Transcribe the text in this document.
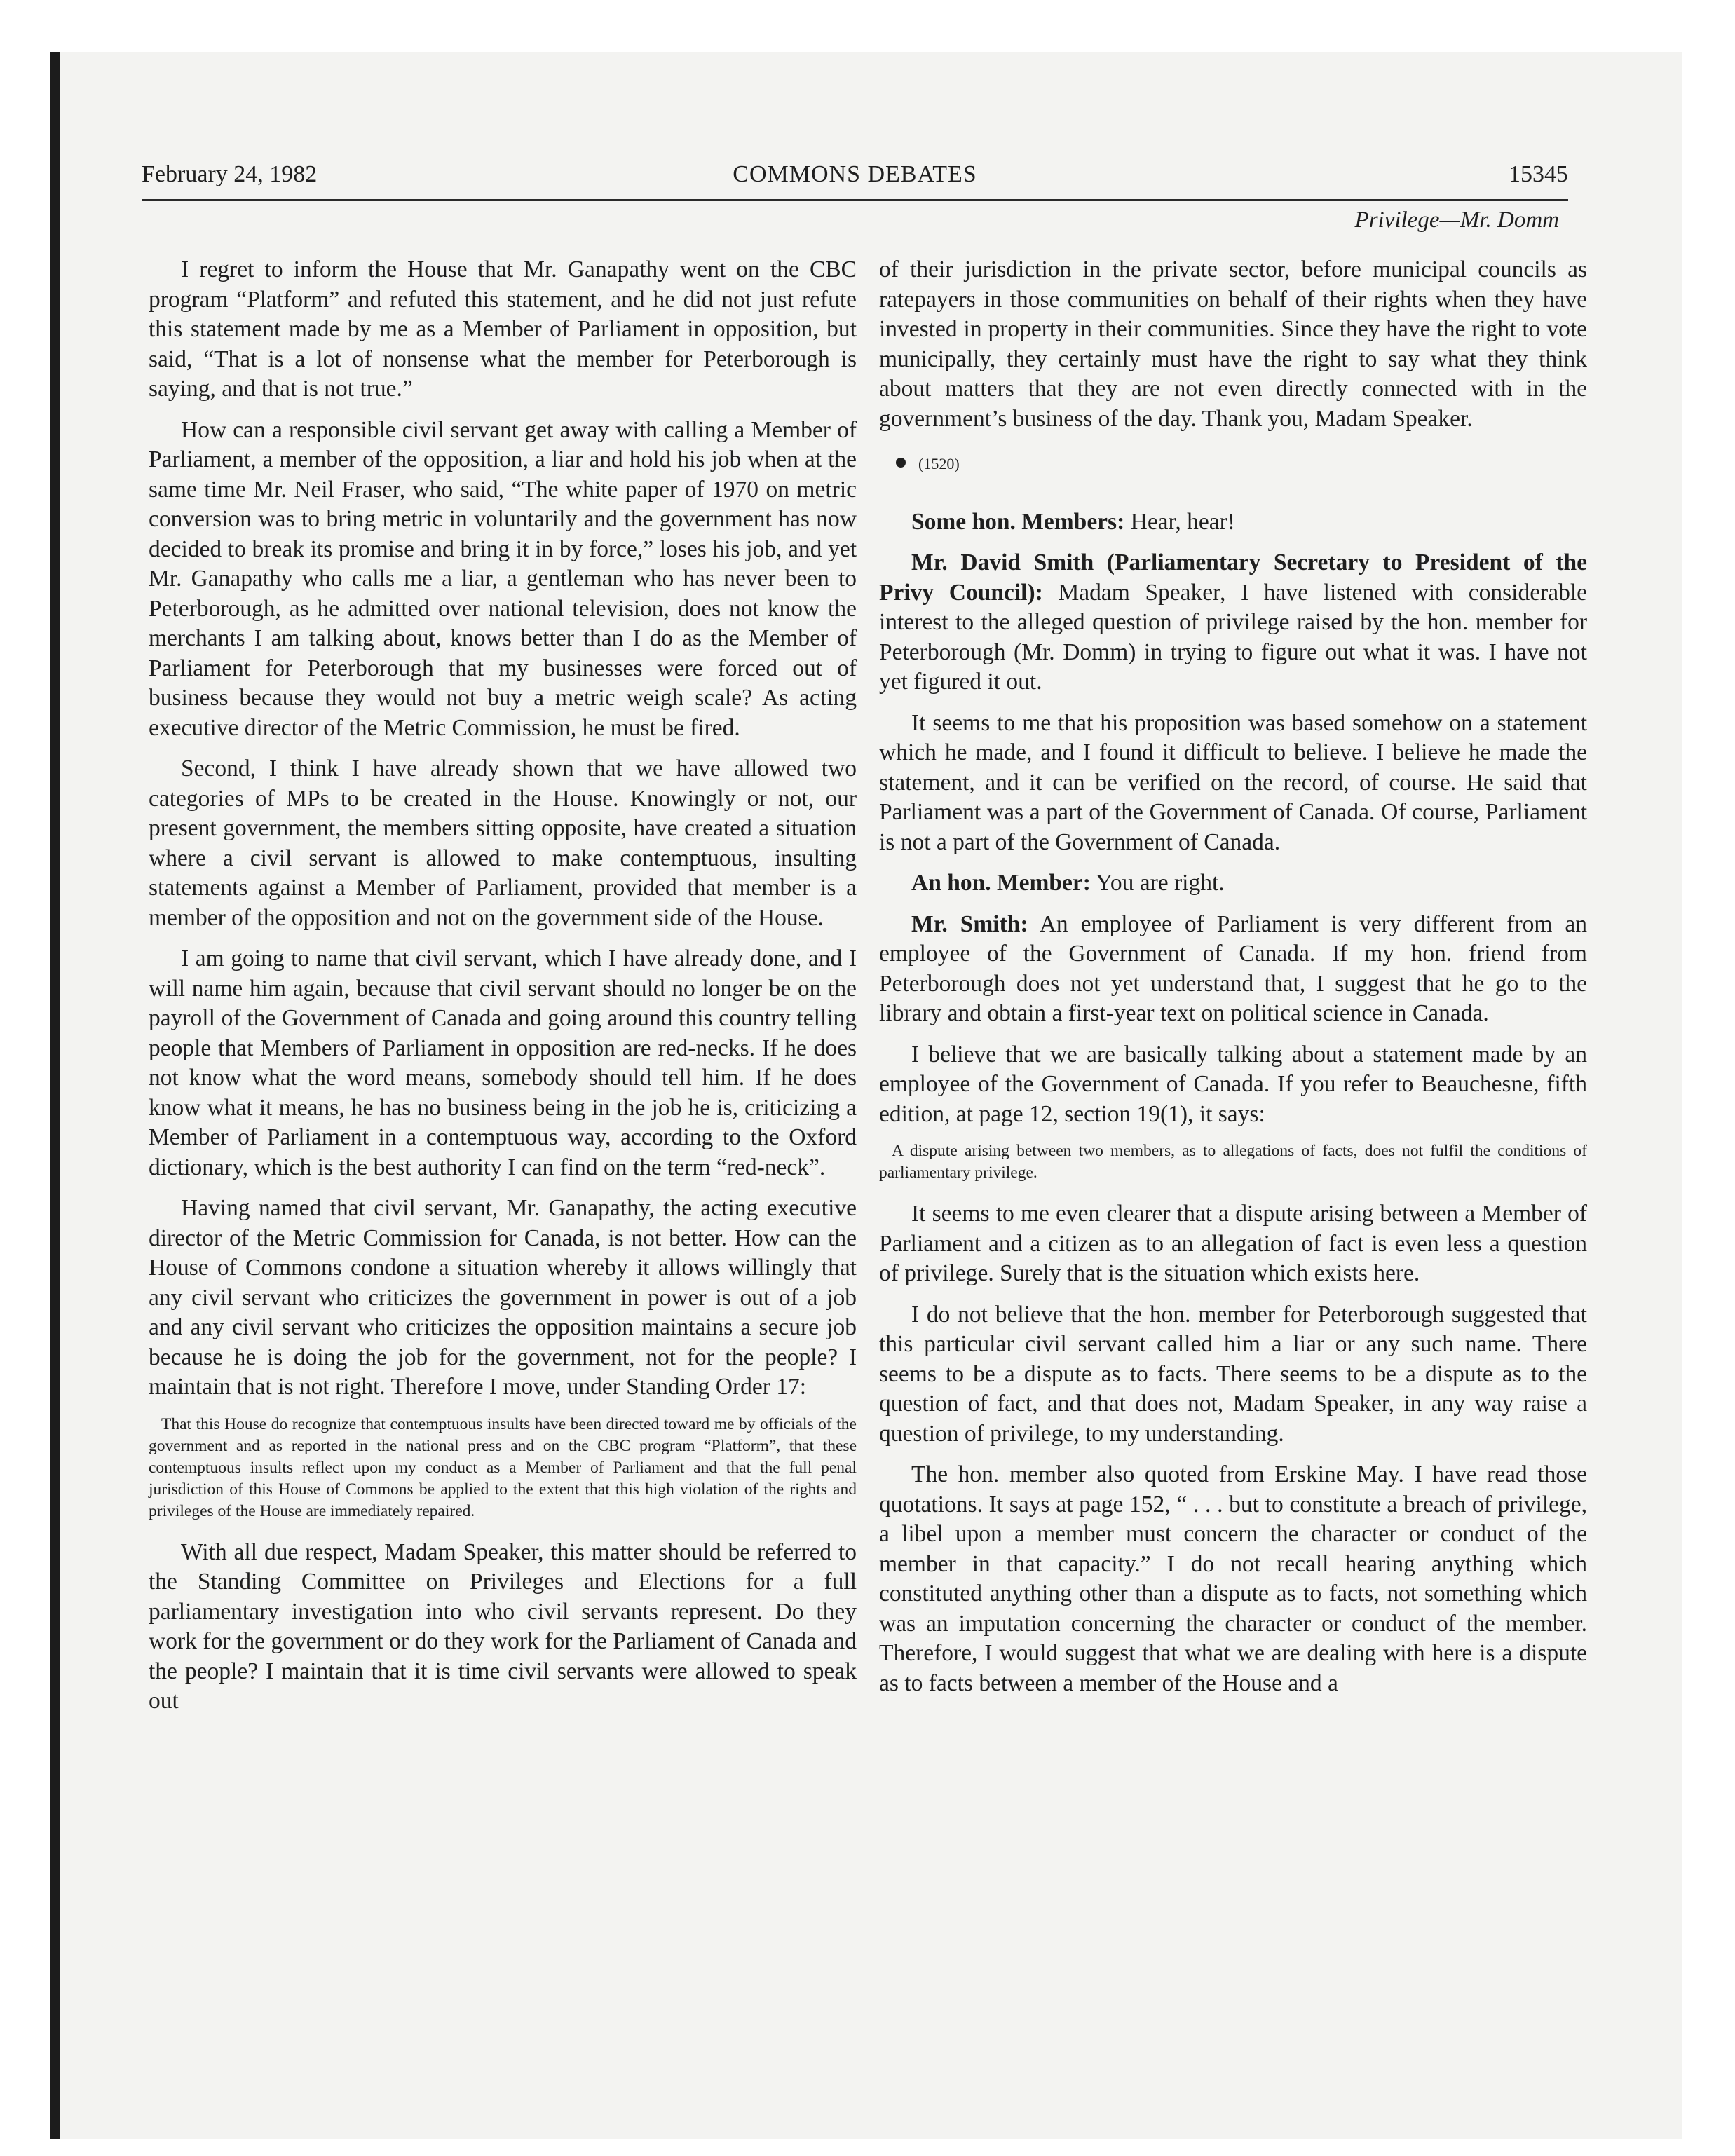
February 24, 1982	COMMONS DEBATES	15345
Privilege—Mr. Domm

I regret to inform the House that Mr. Ganapathy went on the CBC program “Platform” and refuted this statement, and he did not just refute this statement made by me as a Member of Parliament in opposition, but said, “That is a lot of nonsense what the member for Peterborough is saying, and that is not true.”

How can a responsible civil servant get away with calling a Member of Parliament, a member of the opposition, a liar and hold his job when at the same time Mr. Neil Fraser, who said, “The white paper of 1970 on metric conversion was to bring metric in voluntarily and the government has now decided to break its promise and bring it in by force,” loses his job, and yet Mr. Ganapathy who calls me a liar, a gentleman who has never been to Peterborough, as he admitted over national television, does not know the merchants I am talking about, knows better than I do as the Member of Parliament for Peterborough that my businesses were forced out of business because they would not buy a metric weigh scale? As acting executive director of the Metric Commission, he must be fired.

Second, I think I have already shown that we have allowed two categories of MPs to be created in the House. Knowingly or not, our present government, the members sitting opposite, have created a situation where a civil servant is allowed to make contemptuous, insulting statements against a Member of Parliament, provided that member is a member of the opposition and not on the government side of the House.

I am going to name that civil servant, which I have already done, and I will name him again, because that civil servant should no longer be on the payroll of the Government of Canada and going around this country telling people that Members of Parliament in opposition are red-necks. If he does not know what the word means, somebody should tell him. If he does know what it means, he has no business being in the job he is, criticizing a Member of Parliament in a contemptuous way, according to the Oxford dictionary, which is the best authority I can find on the term “red-neck”.

Having named that civil servant, Mr. Ganapathy, the acting executive director of the Metric Commission for Canada, is not better. How can the House of Commons condone a situation whereby it allows willingly that any civil servant who criticizes the government in power is out of a job and any civil servant who criticizes the opposition maintains a secure job because he is doing the job for the government, not for the people? I maintain that is not right. Therefore I move, under Standing Order 17:

That this House do recognize that contemptuous insults have been directed toward me by officials of the government and as reported in the national press and on the CBC program “Platform”, that these contemptuous insults reflect upon my conduct as a Member of Parliament and that the full penal jurisdiction of this House of Commons be applied to the extent that this high violation of the rights and privileges of the House are immediately repaired.

With all due respect, Madam Speaker, this matter should be referred to the Standing Committee on Privileges and Elections for a full parliamentary investigation into who civil servants represent. Do they work for the government or do they work for the Parliament of Canada and the people? I maintain that it is time civil servants were allowed to speak out

of their jurisdiction in the private sector, before municipal councils as ratepayers in those communities on behalf of their rights when they have invested in property in their communities. Since they have the right to vote municipally, they certainly must have the right to say what they think about matters that they are not even directly connected with in the government’s business of the day. Thank you, Madam Speaker.

(1520)

Some hon. Members: Hear, hear!

Mr. David Smith (Parliamentary Secretary to President of the Privy Council): Madam Speaker, I have listened with considerable interest to the alleged question of privilege raised by the hon. member for Peterborough (Mr. Domm) in trying to figure out what it was. I have not yet figured it out.

It seems to me that his proposition was based somehow on a statement which he made, and I found it difficult to believe. I believe he made the statement, and it can be verified on the record, of course. He said that Parliament was a part of the Government of Canada. Of course, Parliament is not a part of the Government of Canada.

An hon. Member: You are right.

Mr. Smith: An employee of Parliament is very different from an employee of the Government of Canada. If my hon. friend from Peterborough does not yet understand that, I suggest that he go to the library and obtain a first-year text on political science in Canada.

I believe that we are basically talking about a statement made by an employee of the Government of Canada. If you refer to Beauchesne, fifth edition, at page 12, section 19(1), it says:

A dispute arising between two members, as to allegations of facts, does not fulfil the conditions of parliamentary privilege.

It seems to me even clearer that a dispute arising between a Member of Parliament and a citizen as to an allegation of fact is even less a question of privilege. Surely that is the situation which exists here.

I do not believe that the hon. member for Peterborough suggested that this particular civil servant called him a liar or any such name. There seems to be a dispute as to facts. There seems to be a dispute as to the question of fact, and that does not, Madam Speaker, in any way raise a question of privilege, to my understanding.

The hon. member also quoted from Erskine May. I have read those quotations. It says at page 152, “ . . . but to constitute a breach of privilege, a libel upon a member must concern the character or conduct of the member in that capacity.” I do not recall hearing anything which constituted anything other than a dispute as to facts, not something which was an imputation concerning the character or conduct of the member. Therefore, I would suggest that what we are dealing with here is a dispute as to facts between a member of the House and a
